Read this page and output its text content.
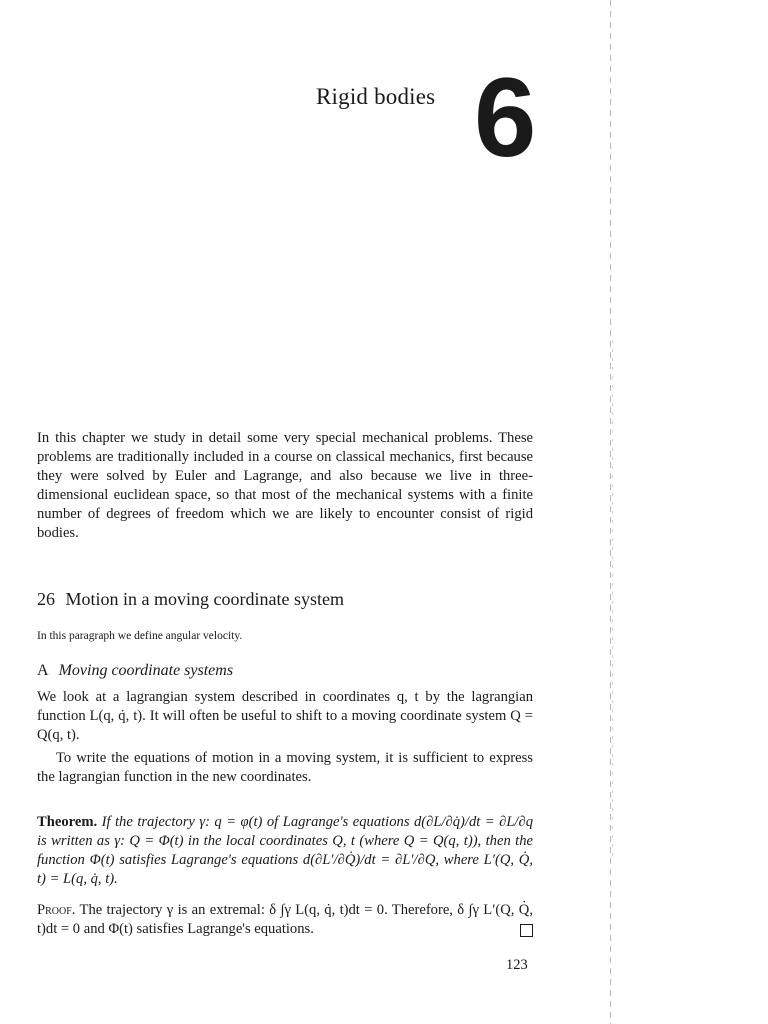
Rigid bodies 6
In this chapter we study in detail some very special mechanical problems. These problems are traditionally included in a course on classical mechanics, first because they were solved by Euler and Lagrange, and also because we live in three-dimensional euclidean space, so that most of the mechanical systems with a finite number of degrees of freedom which we are likely to encounter consist of rigid bodies.
26 Motion in a moving coordinate system
In this paragraph we define angular velocity.
A Moving coordinate systems
We look at a lagrangian system described in coordinates q, t by the lagrangian function L(q, q̇, t). It will often be useful to shift to a moving coordinate system Q = Q(q, t).
To write the equations of motion in a moving system, it is sufficient to express the lagrangian function in the new coordinates.
Theorem. If the trajectory γ: q = φ(t) of Lagrange's equations d(∂L/∂q̇)/dt = ∂L/∂q is written as γ: Q = Φ(t) in the local coordinates Q, t (where Q = Q(q, t)), then the function Φ(t) satisfies Lagrange's equations d(∂L′/∂Q̇)/dt = ∂L′/∂Q, where L′(Q, Q̇, t) = L(q, q̇, t).
Proof. The trajectory γ is an extremal: δ ∫γ L(q, q̇, t)dt = 0. Therefore, δ ∫γ L′(Q, Q̇, t)dt = 0 and Φ(t) satisfies Lagrange's equations.
123
